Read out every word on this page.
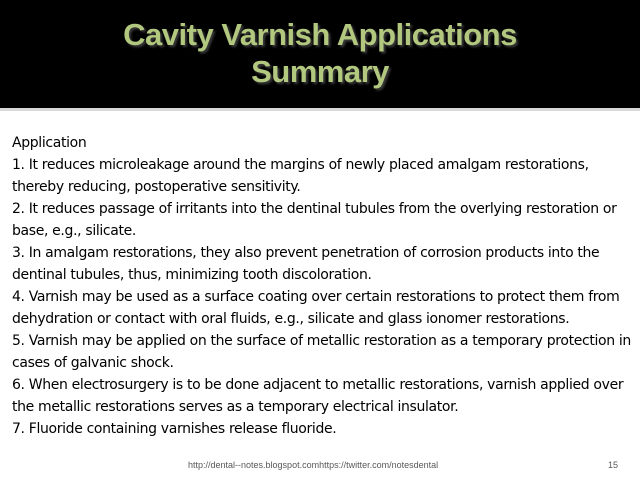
Cavity Varnish Applications
Summary
Application
1. It reduces microleakage around the margins of newly placed amalgam restorations, thereby reducing, postoperative sensitivity.
2. It reduces passage of irritants into the dentinal tubules from the overlying restoration or base, e.g., silicate.
3. In amalgam restorations, they also prevent penetration of corrosion products into the dentinal tubules, thus, minimizing tooth discoloration.
4. Varnish may be used as a surface coating over certain restorations to protect them from dehydration or contact with oral fluids, e.g., silicate and glass ionomer restorations.
5. Varnish may be applied on the surface of metallic restoration as a temporary protection in cases of galvanic shock.
6. When electrosurgery is to be done adjacent to metallic restorations, varnish applied over the metallic restorations serves as a temporary electrical insulator.
7. Fluoride containing varnishes release fluoride.
http://dental--notes.blogspot.comhttps://twitter.com/notesdental	15
